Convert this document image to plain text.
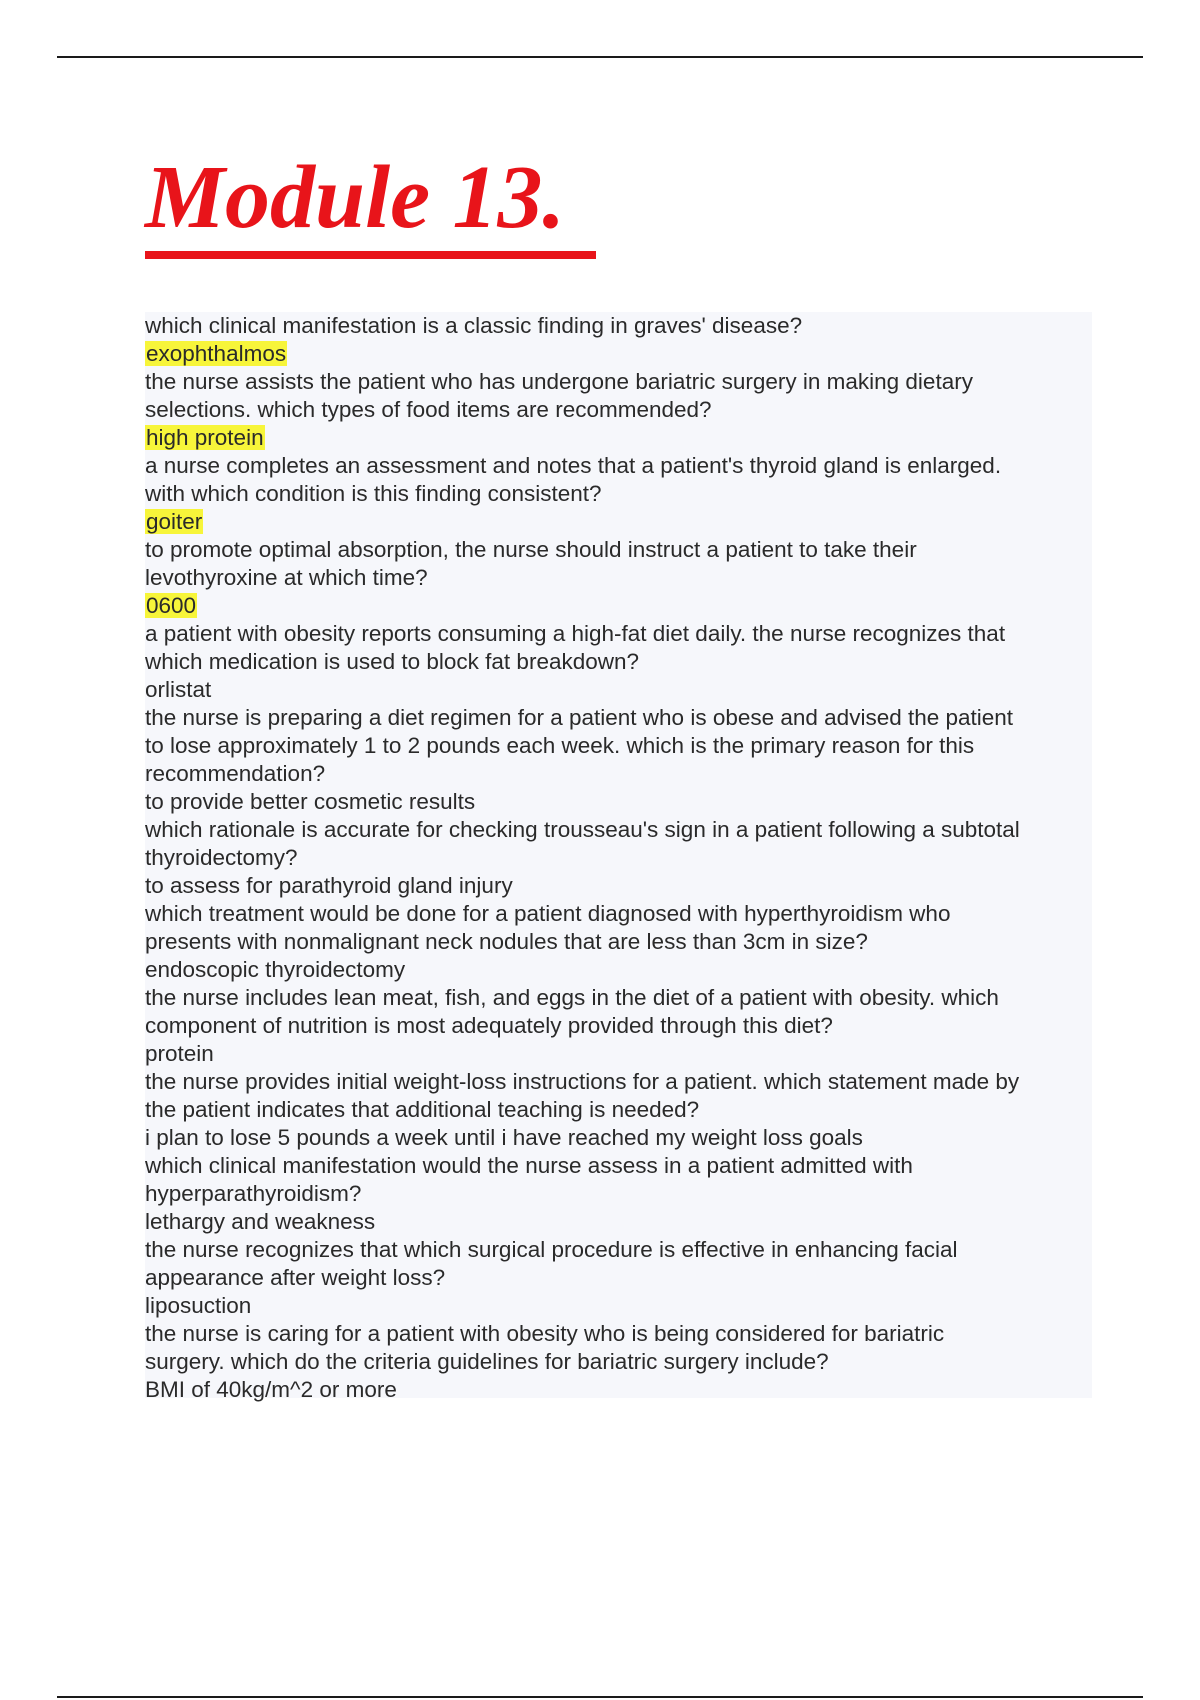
Module 13.

which clinical manifestation is a classic finding in graves' disease?

exophthalmos

the nurse assists the patient who has undergone bariatric surgery in making dietary

selections. which types of food items are recommended?

high protein

a nurse completes an assessment and notes that a patient's thyroid gland is enlarged.

with which condition is this finding consistent?

goiter

to promote optimal absorption, the nurse should instruct a patient to take their

levothyroxine at which time?

0600

a patient with obesity reports consuming a high-fat diet daily. the nurse recognizes that

which medication is used to block fat breakdown?

orlistat

the nurse is preparing a diet regimen for a patient who is obese and advised the patient

to lose approximately 1 to 2 pounds each week. which is the primary reason for this

recommendation?

to provide better cosmetic results

which rationale is accurate for checking trousseau's sign in a patient following a subtotal

thyroidectomy?

to assess for parathyroid gland injury

which treatment would be done for a patient diagnosed with hyperthyroidism who

presents with nonmalignant neck nodules that are less than 3cm in size?

endoscopic thyroidectomy

the nurse includes lean meat, fish, and eggs in the diet of a patient with obesity. which

component of nutrition is most adequately provided through this diet?

protein

the nurse provides initial weight-loss instructions for a patient. which statement made by

the patient indicates that additional teaching is needed?

i plan to lose 5 pounds a week until i have reached my weight loss goals

which clinical manifestation would the nurse assess in a patient admitted with

hyperparathyroidism?

lethargy and weakness

the nurse recognizes that which surgical procedure is effective in enhancing facial

appearance after weight loss?

liposuction

the nurse is caring for a patient with obesity who is being considered for bariatric

surgery. which do the criteria guidelines for bariatric surgery include?

BMI of 40kg/m^2 or more
